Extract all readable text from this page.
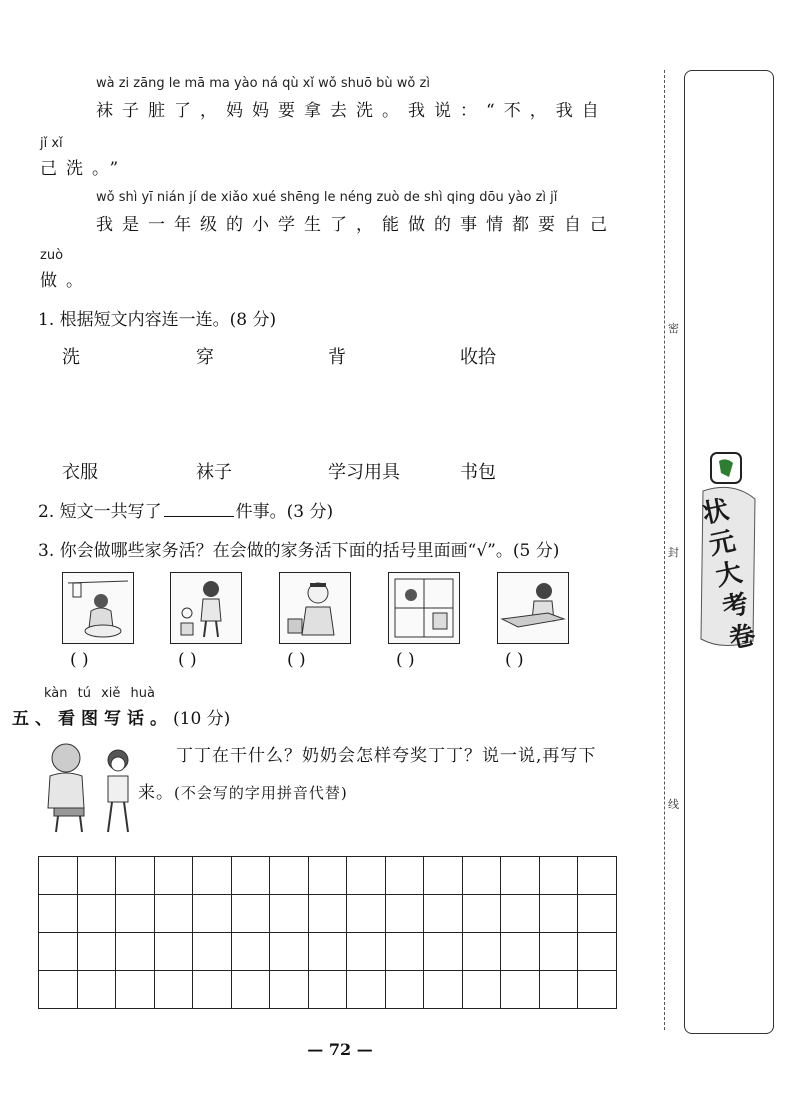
wà zi zāng le mā ma yào ná qù xǐ wǒ shuō bù wǒ zì
袜子脏了，妈妈要拿去洗。我说：“不，我自
jǐ xǐ
己洗。”
wǒ shì yī nián jí de xiǎo xué shēng le néng zuò de shì qing dōu yào zì jǐ
我是一年级的小学生了，能做的事情都要自己
zuò
做。
1. 根据短文内容连一连。(8 分)
洗	穿	背	收拾
衣服	袜子	学习用具	书包
2. 短文一共写了	件事。(3 分)
3. 你会做哪些家务活？在会做的家务活下面的括号里面画“√”。(5 分)
( )	( )	( )	( )	( )
kàn tú xiě huà
五、看图写话。(10 分)
丁丁在干什么？奶奶会怎样夸奖丁丁？说一说,再写下
来。(不会写的字用拼音代替)

— 72 —
密
封
线
状元大考卷
